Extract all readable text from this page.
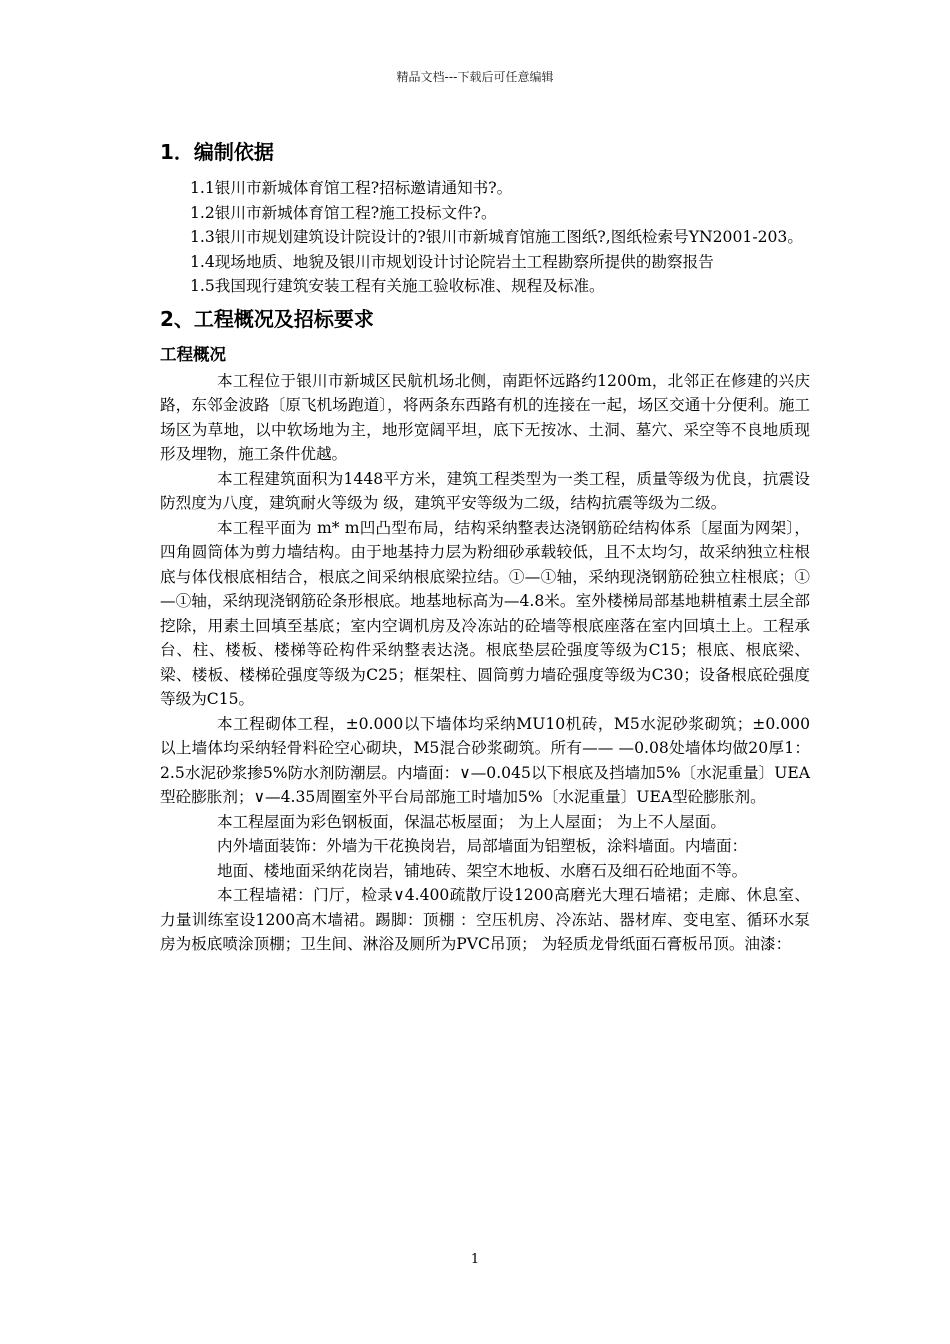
精品文档---下载后可任意编辑
1．编制依据

1.1银川市新城体育馆工程?招标邀请通知书?。

1.2银川市新城体育馆工程?施工投标文件?。

1.3银川市规划建筑设计院设计的?银川市新城育馆施工图纸?,图纸检索号YN2001-203。

1.4现场地质、地貌及银川市规划设计讨论院岩土工程勘察所提供的勘察报告

1.5我国现行建筑安装工程有关施工验收标准、规程及标准。

2、工程概况及招标要求
工程概况

本工程位于银川市新城区民航机场北侧，南距怀远路约1200m，北邻正在修建的兴庆路，东邻金波路〔原飞机场跑道〕，将两条东西路有机的连接在一起，场区交通十分便利。施工场区为草地，以中软场地为主，地形宽阔平坦，底下无按冰、土洞、墓穴、采空等不良地质现形及埋物，施工条件优越。

本工程建筑面积为1448平方米，建筑工程类型为一类工程，质量等级为优良，抗震设防烈度为八度，建筑耐火等级为 级，建筑平安等级为二级，结构抗震等级为二级。

本工程平面为 m* m凹凸型布局，结构采纳整表达浇钢筋砼结构体系〔屋面为网架〕，四角圆筒体为剪力墙结构。由于地基持力层为粉细砂承载较低，且不太均匀，故采纳独立柱根底与体伐根底相结合，根底之间采纳根底梁拉结。①—①轴，采纳现浇钢筋砼独立柱根底；①—①轴，采纳现浇钢筋砼条形根底。地基地标高为—4.8米。室外楼梯局部基地耕植素土层全部挖除，用素土回填至基底；室内空调机房及冷冻站的砼墙等根底座落在室内回填土上。工程承台、柱、楼板、楼梯等砼构件采纳整表达浇。根底垫层砼强度等级为C15；根底、根底梁、梁、楼板、楼梯砼强度等级为C25；框架柱、圆筒剪力墙砼强度等级为C30；设备根底砼强度等级为C15。

本工程砌体工程，±0.000以下墙体均采纳MU10机砖，M5水泥砂浆砌筑；±0.000以上墙体均采纳轻骨料砼空心砌块，M5混合砂浆砌筑。所有—— —0.08处墙体均做20厚1：2.5水泥砂浆掺5%防水剂防潮层。内墙面：∨—0.045以下根底及挡墙加5%〔水泥重量〕UEA型砼膨胀剂；∨—4.35周圈室外平台局部施工时墙加5%〔水泥重量〕UEA型砼膨胀剂。

本工程屋面为彩色钢板面，保温芯板屋面； 为上人屋面； 为上不人屋面。

内外墙面装饰：外墙为干花换岗岩，局部墙面为铝塑板，涂料墙面。内墙面：

地面、楼地面采纳花岗岩，铺地砖、架空木地板、水磨石及细石砼地面不等。

本工程墙裙：门厅，检录∨4.400疏散厅设1200高磨光大理石墙裙；走廊、休息室、力量训练室设1200高木墙裙。踢脚：顶棚 ：空压机房、冷冻站、器材库、变电室、循环水泵房为板底喷涂顶棚；卫生间、淋浴及厕所为PVC吊顶； 为轻质龙骨纸面石膏板吊顶。油漆：

1
